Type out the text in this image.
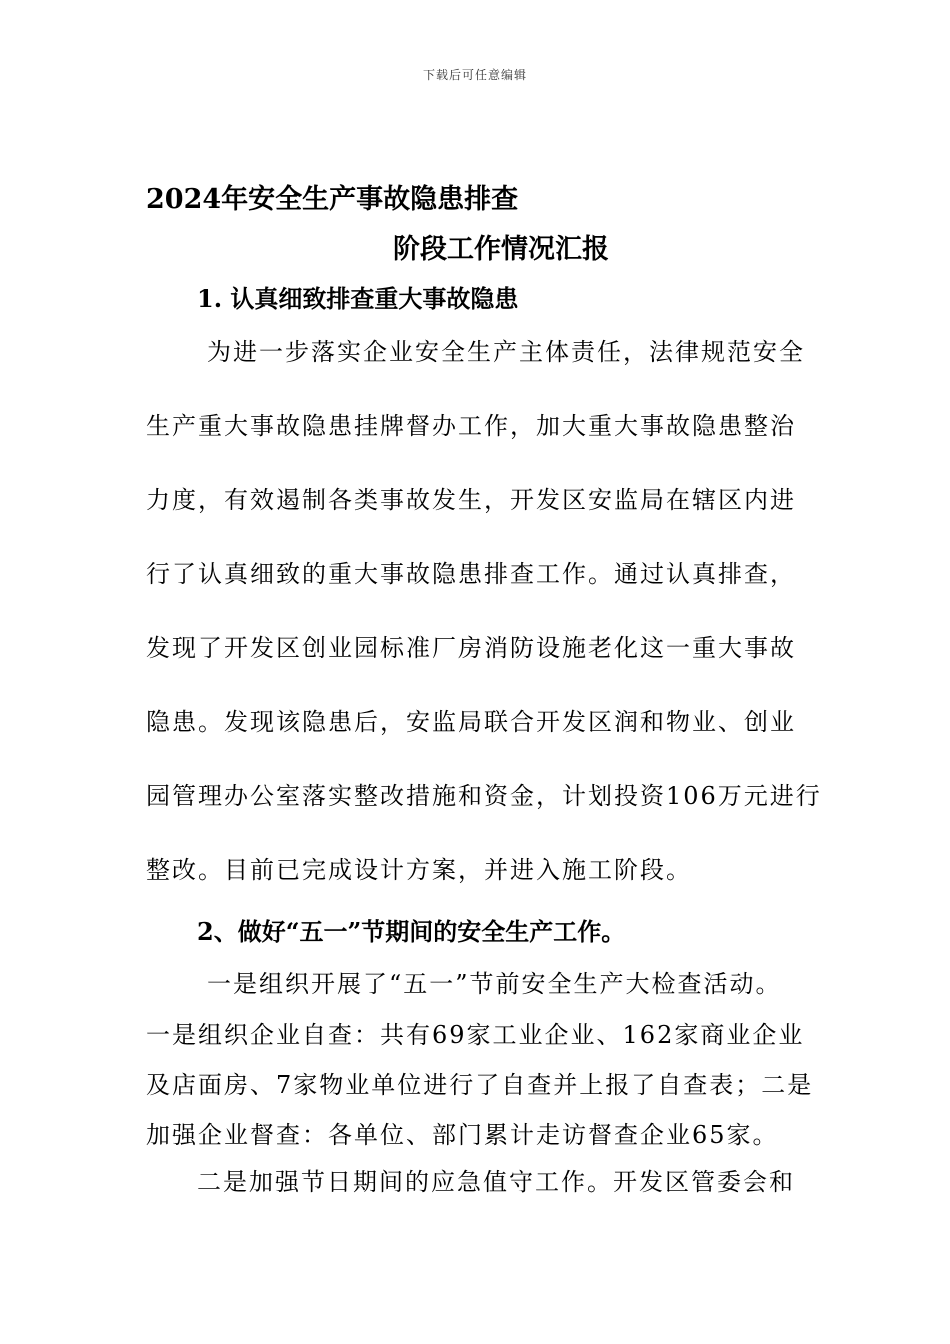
下载后可任意编辑
2024年安全生产事故隐患排查
阶段工作情况汇报
1. 认真细致排查重大事故隐患
为进一步落实企业安全生产主体责任，法律规范安全
生产重大事故隐患挂牌督办工作，加大重大事故隐患整治
力度，有效遏制各类事故发生，开发区安监局在辖区内进
行了认真细致的重大事故隐患排查工作。通过认真排查，
发现了开发区创业园标准厂房消防设施老化这一重大事故
隐患。发现该隐患后，安监局联合开发区润和物业、创业
园管理办公室落实整改措施和资金，计划投资106万元进行
整改。目前已完成设计方案，并进入施工阶段。
2、做好“五一”节期间的安全生产工作。
一是组织开展了“五一”节前安全生产大检查活动。
一是组织企业自查：共有69家工业企业、162家商业企业
及店面房、7家物业单位进行了自查并上报了自查表；二是
加强企业督查：各单位、部门累计走访督查企业65家。
二是加强节日期间的应急值守工作。开发区管委会和
